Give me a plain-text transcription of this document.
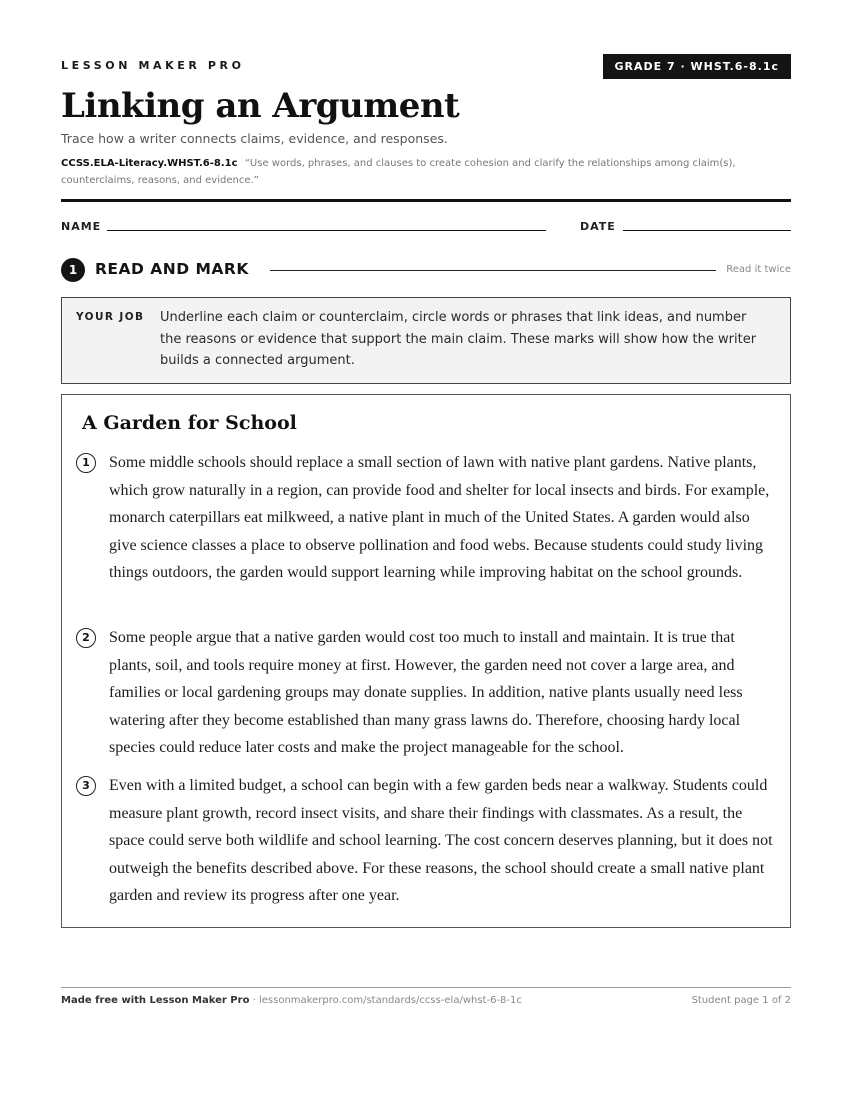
LESSON MAKER PRO	GRADE 7 · WHST.6-8.1c
Linking an Argument
Trace how a writer connects claims, evidence, and responses.
CCSS.ELA-Literacy.WHST.6-8.1c “Use words, phrases, and clauses to create cohesion and clarify the relationships among claim(s), counterclaims, reasons, and evidence.”
NAME	DATE
1	READ AND MARK	Read it twice
YOUR JOB Underline each claim or counterclaim, circle words or phrases that link ideas, and number the reasons or evidence that support the main claim. These marks will show how the writer builds a connected argument.

A Garden for School
1	Some middle schools should replace a small section of lawn with native plant gardens. Native plants, which grow naturally in a region, can provide food and shelter for local insects and birds. For example, monarch caterpillars eat milkweed, a native plant in much of the United States. A garden would also give science classes a place to observe pollination and food webs. Because students could study living things outdoors, the garden would support learning while improving habitat on the school grounds.

2	Some people argue that a native garden would cost too much to install and maintain. It is true that plants, soil, and tools require money at first. However, the garden need not cover a large area, and families or local gardening groups may donate supplies. In addition, native plants usually need less watering after they become established than many grass lawns do. Therefore, choosing hardy local species could reduce later costs and make the project manageable for the school.

3	Even with a limited budget, a school can begin with a few garden beds near a walkway. Students could measure plant growth, record insect visits, and share their findings with classmates. As a result, the space could serve both wildlife and school learning. The cost concern deserves planning, but it does not outweigh the benefits described above. For these reasons, the school should create a small native plant garden and review its progress after one year.

Made free with Lesson Maker Pro · lessonmakerpro.com/standards/ccss-ela/whst-6-8-1c	Student page 1 of 2
